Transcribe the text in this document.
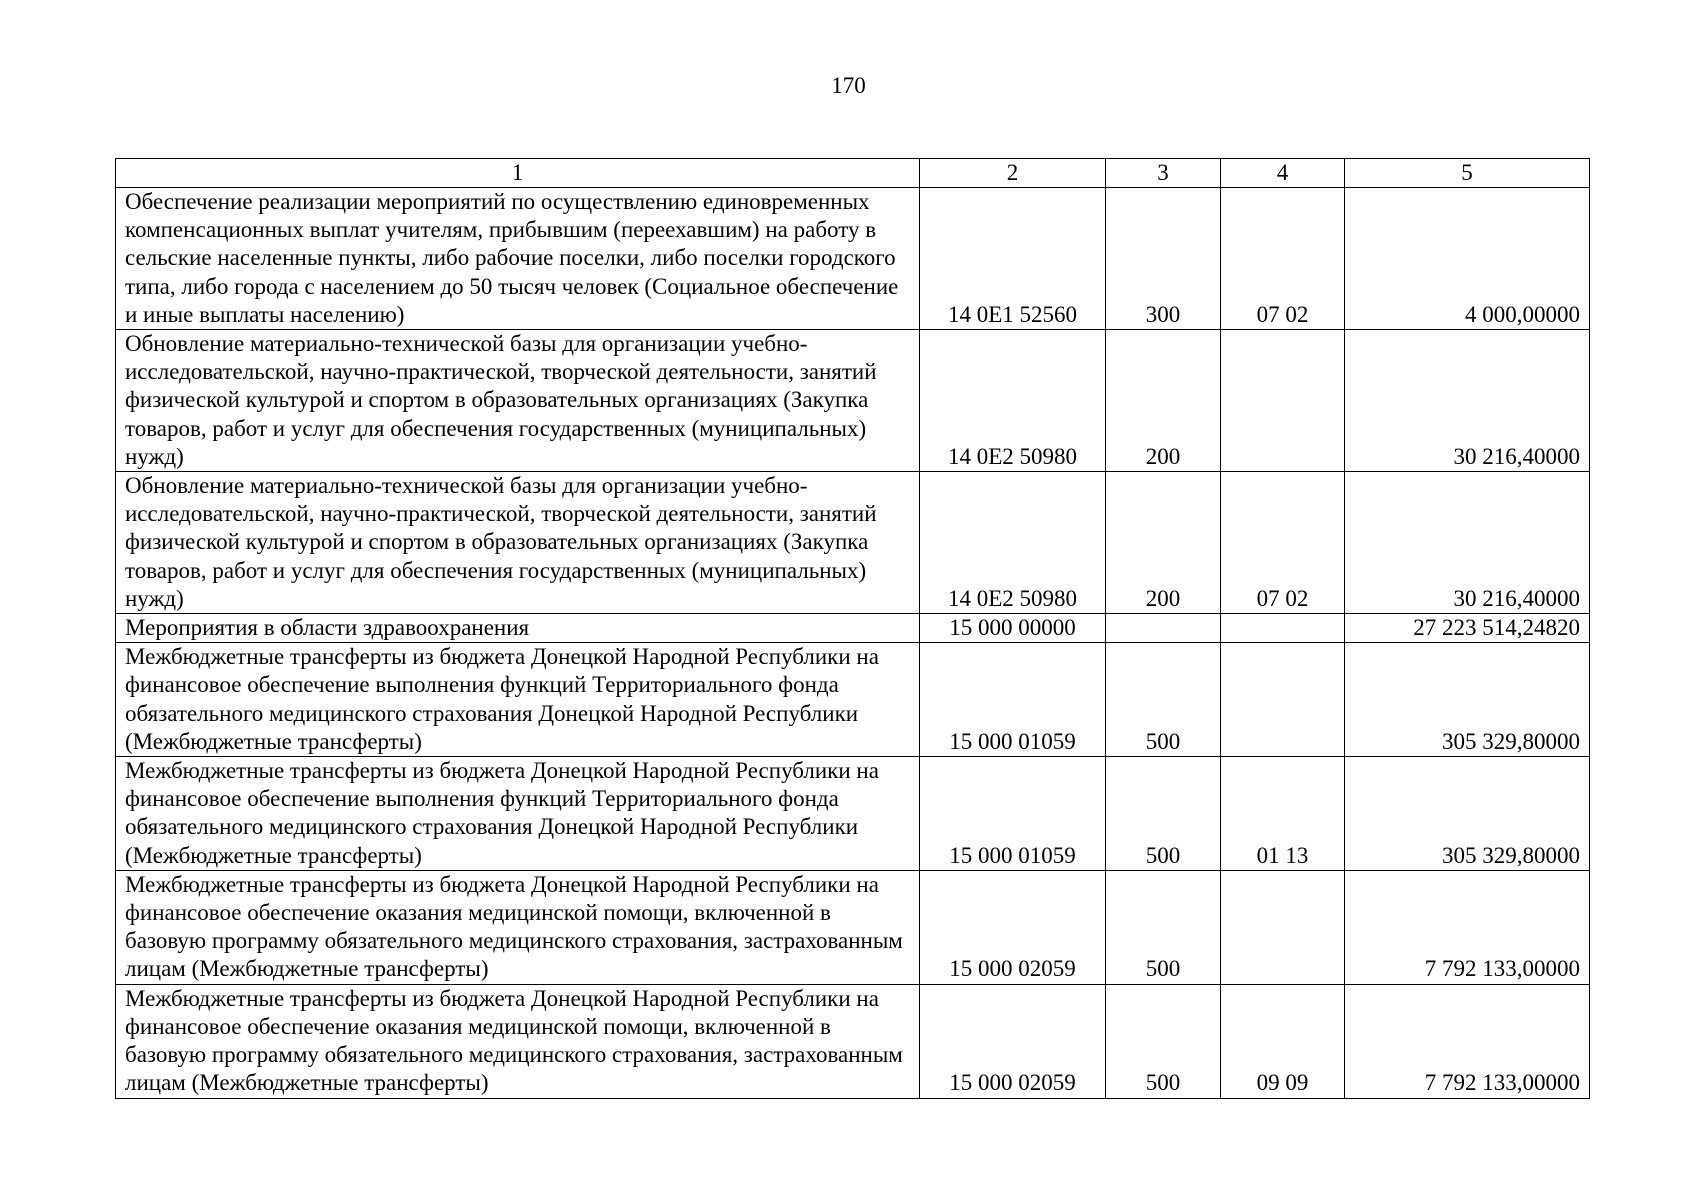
170
1	2	3	4	5
Обеспечение реализации мероприятий по осуществлению единовременных компенсационных выплат учителям, прибывшим (переехавшим) на работу в сельские населенные пункты, либо рабочие поселки, либо поселки городского типа, либо города с населением до 50 тысяч человек (Социальное обеспечение и иные выплаты населению)	14 0E1 52560	300	07 02	4 000,00000
Обновление материально-технической базы для организации учебно-исследовательской, научно-практической, творческой деятельности, занятий физической культурой и спортом в образовательных организациях (Закупка товаров, работ и услуг для обеспечения государственных (муниципальных) нужд)	14 0E2 50980	200		30 216,40000
Обновление материально-технической базы для организации учебно-исследовательской, научно-практической, творческой деятельности, занятий физической культурой и спортом в образовательных организациях (Закупка товаров, работ и услуг для обеспечения государственных (муниципальных) нужд)	14 0E2 50980	200	07 02	30 216,40000
Мероприятия в области здравоохранения	15 000 00000			27 223 514,24820
Межбюджетные трансферты из бюджета Донецкой Народной Республики на финансовое обеспечение выполнения функций Территориального фонда обязательного медицинского страхования Донецкой Народной Республики (Межбюджетные трансферты)	15 000 01059	500		305 329,80000
Межбюджетные трансферты из бюджета Донецкой Народной Республики на финансовое обеспечение выполнения функций Территориального фонда обязательного медицинского страхования Донецкой Народной Республики (Межбюджетные трансферты)	15 000 01059	500	01 13	305 329,80000
Межбюджетные трансферты из бюджета Донецкой Народной Республики на финансовое обеспечение оказания медицинской помощи, включенной в базовую программу обязательного медицинского страхования, застрахованным лицам (Межбюджетные трансферты)	15 000 02059	500		7 792 133,00000
Межбюджетные трансферты из бюджета Донецкой Народной Республики на финансовое обеспечение оказания медицинской помощи, включенной в базовую программу обязательного медицинского страхования, застрахованным лицам (Межбюджетные трансферты)	15 000 02059	500	09 09	7 792 133,00000
